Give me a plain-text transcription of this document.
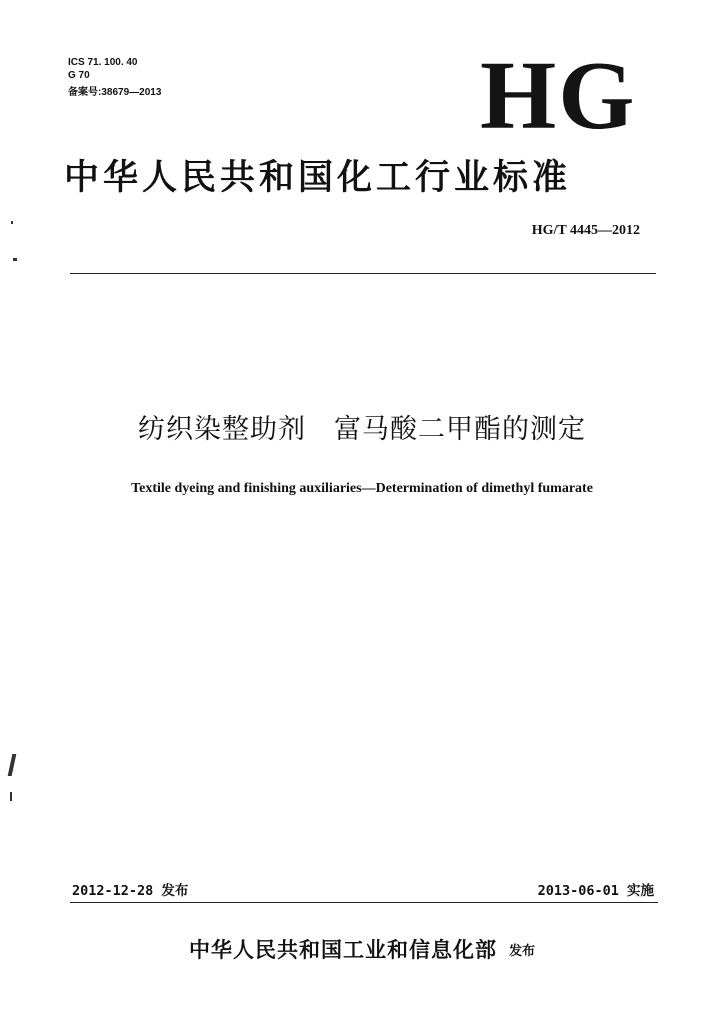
ICS 71. 100. 40
G 70
备案号:38679—2013	HG
中华人民共和国化工行业标准
HG/T 4445—2012
纺织染整助剂　富马酸二甲酯的测定
Textile dyeing and finishing auxiliaries—Determination of dimethyl fumarate
2012-12-28 发布	2013-06-01 实施
中华人民共和国工业和信息化部 发布
